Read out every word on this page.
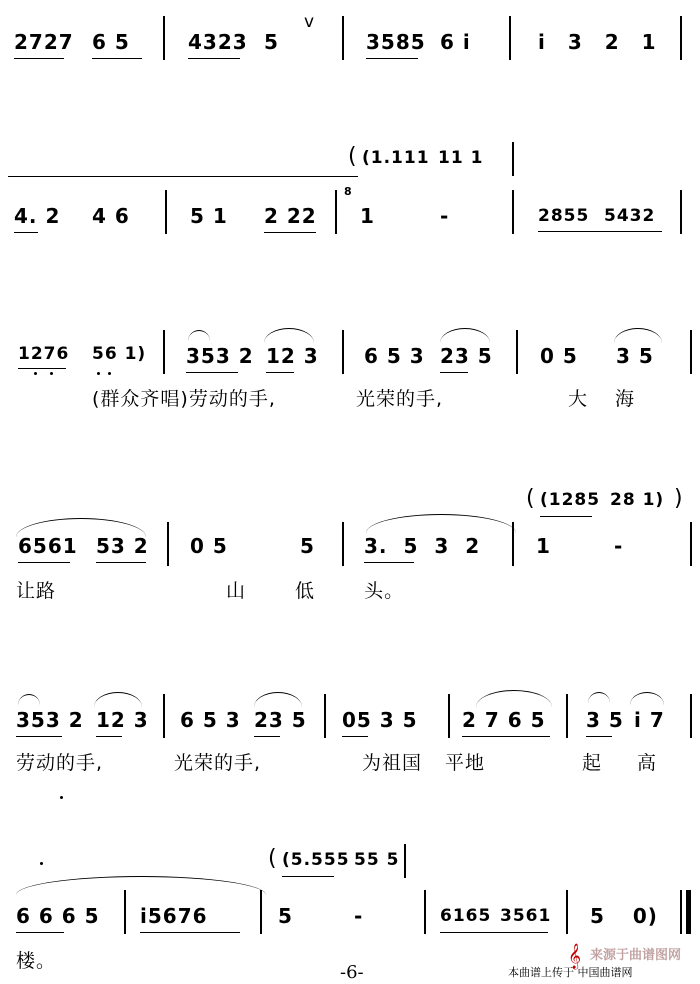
2727 6 5	4323 5
v
3585 6 i	i 3 2 1
( (1.111 11 1
4. 2 4 6	5 1 2 22
8
1	-	2855 5432
1276 56 1) 353 2 12 3 6 5 3 23 5 0 5 3 5
(群众齐唱)劳动的手,	光荣的手,	大 海
( (1285 28 1)
6561 53 2 0 5	5 3. 5 3 2	1	-
)
让路	山 低 头。
353 2 12 3 6 5 3 23 5 05 3 5 2 7 6 5 3 5 i 7
劳动的手,	光荣的手,	为祖国 平地	起 高
( (5.555 55 5
6 6 6 5 i5676	5	-	6165 3561 5 0)
楼。
-6-	本曲谱上传于 中国曲谱网
来源于曲谱图网
𝄞
